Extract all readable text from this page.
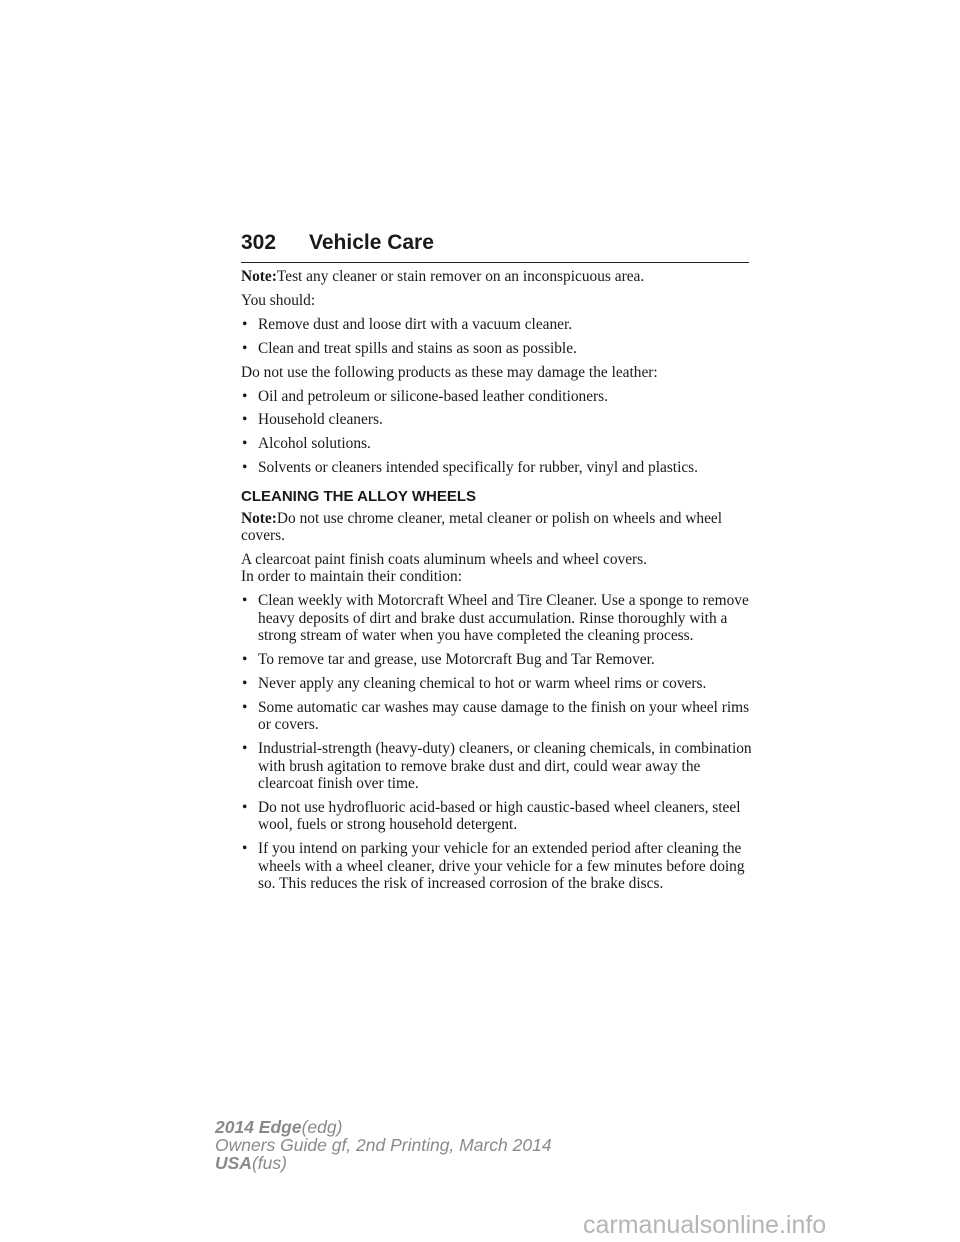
302 Vehicle Care

Note:Test any cleaner or stain remover on an inconspicuous area.

You should:

• Remove dust and loose dirt with a vacuum cleaner.
• Clean and treat spills and stains as soon as possible.

Do not use the following products as these may damage the leather:

• Oil and petroleum or silicone-based leather conditioners.
• Household cleaners.
• Alcohol solutions.
• Solvents or cleaners intended specifically for rubber, vinyl and plastics.
CLEANING THE ALLOY WHEELS

Note:Do not use chrome cleaner, metal cleaner or polish on wheels and wheel covers.

A clearcoat paint finish coats aluminum wheels and wheel covers.
In order to maintain their condition:

• Clean weekly with Motorcraft Wheel and Tire Cleaner. Use a sponge to remove heavy deposits of dirt and brake dust accumulation. Rinse thoroughly with a strong stream of water when you have completed the cleaning process.
• To remove tar and grease, use Motorcraft Bug and Tar Remover.
• Never apply any cleaning chemical to hot or warm wheel rims or covers.
• Some automatic car washes may cause damage to the finish on your wheel rims or covers.
• Industrial-strength (heavy-duty) cleaners, or cleaning chemicals, in combination with brush agitation to remove brake dust and dirt, could wear away the clearcoat finish over time.
• Do not use hydrofluoric acid-based or high caustic-based wheel cleaners, steel wool, fuels or strong household detergent.
• If you intend on parking your vehicle for an extended period after cleaning the wheels with a wheel cleaner, drive your vehicle for a few minutes before doing so. This reduces the risk of increased corrosion of the brake discs.
2014 Edge(edg)
Owners Guide gf, 2nd Printing, March 2014
USA(fus)
carmanualsonline.info
